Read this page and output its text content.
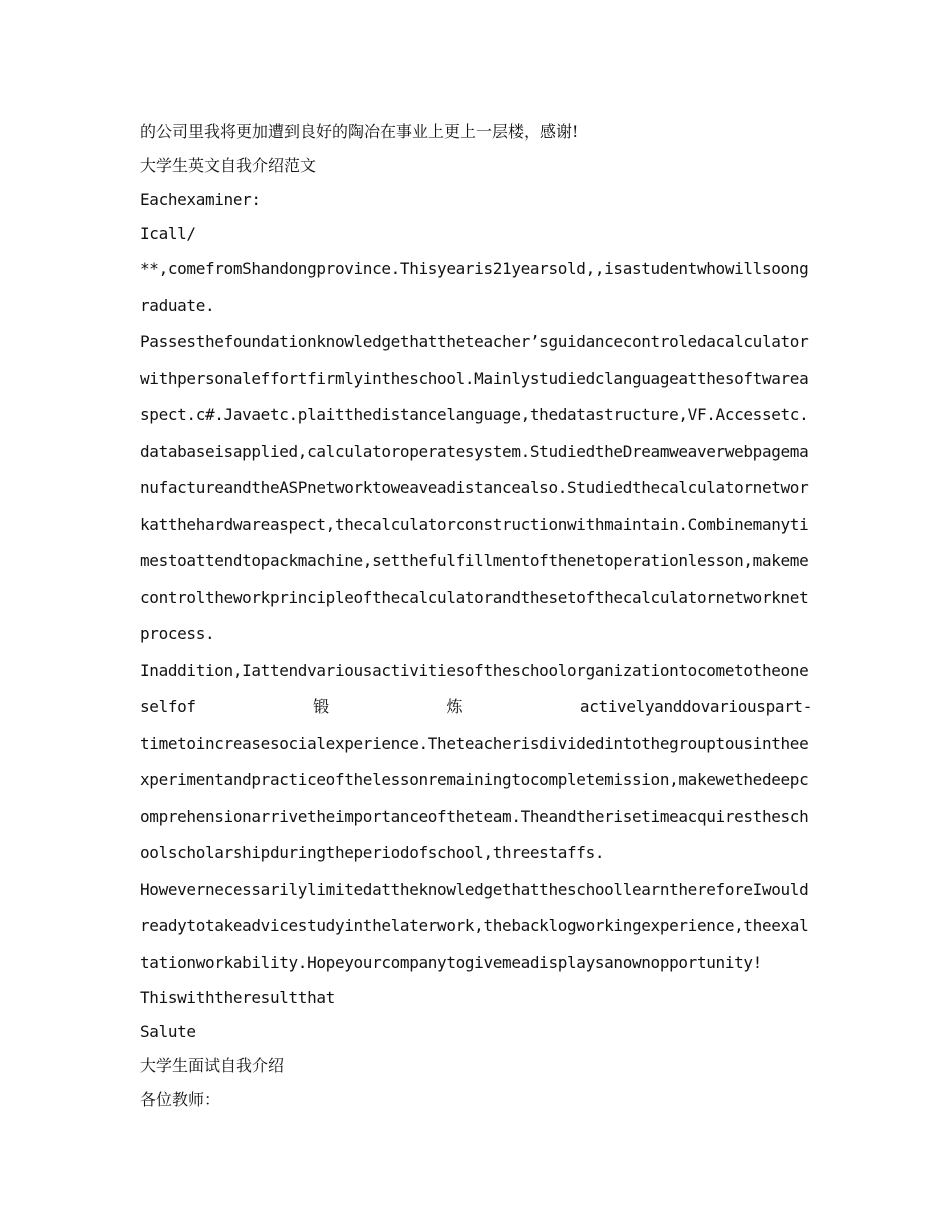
的公司里我将更加遭到良好的陶冶在事业上更上一层楼，感谢!
大学生英文自我介绍范文
Eachexaminer:
Icall/
**,comefromShandongprovince.Thisyearis21yearsold,,isastudentwhowillsoongraduate.
Passesthefoundationknowledgethattheteacher’sguidancecontroledacalculatorwithpersonaleffortfirmlyintheschool.Mainlystudiedclanguageatthesoftwareaspect.c#.Javaetc.plaitthedistancelanguage,thedatastructure,VF.Accessetc.databaseisapplied,calculatoroperatesystem.StudiedtheDreamweaverwebpagemanufactureandtheASPnetworktoweaveadistancealso.Studiedthecalculatornetworkatthehardwareaspect,thecalculatorconstructionwithmaintain.Combinemanytimestoattendtopackmachine,setthefulfillmentofthenetoperationlesson,makemecontroltheworkprincipleofthecalculatorandthesetofthecalculatornetworknetprocess.
Inaddition,Iattendvariousactivitiesoftheschoolorganizationtocometotheone
selfof	锻	炼	activelyanddovariouspart-
timetoincreasesocialexperience.Theteacherisdividedintothegrouptousintheexperimentandpracticeofthelessonremainingtocompletemission,makewethedeepcomprehensionarrivetheimportanceoftheteam.Theandtherisetimeacquirestheschoolscholarshipduringtheperiodofschool,threestaffs.
HowevernecessarilylimitedattheknowledgethattheschoollearnthereforeIwouldreadytotakeadvicestudyinthelaterwork,thebacklogworkingexperience,theexaltationworkability.Hopeyourcompanytogivemeadisplaysanownopportunity!
Thiswiththeresultthat
Salute
大学生面试自我介绍
各位教师：
